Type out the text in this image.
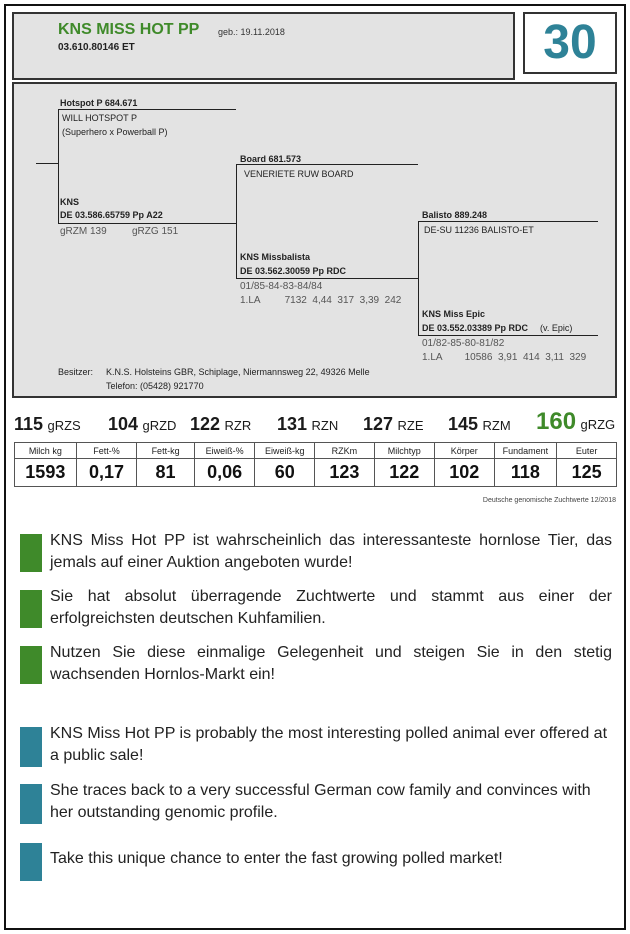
KNS MISS HOT PP geb.: 19.11.2018
03.610.80146 ET	30
Hotspot P 684.671
WILL HOTSPOT P
(Superhero x Powerball P)
KNS
DE 03.586.65759 Pp A22
gRZM 139	gRZG 151
Board 681.573
VENERIETE RUW BOARD
KNS Missbalista
DE 03.562.30059 Pp RDC
01/85-84-83-84/84
1.LA 7132  4,44  317  3,39  242
Balisto 889.248
DE-SU 11236 BALISTO-ET
KNS Miss Epic
DE 03.552.03389 Pp RDC (v. Epic)
01/82-85-80-81/82
1.LA 10586  3,91  414  3,11  329
Besitzer: K.N.S. Holsteins GBR, Schiplage, Niermannsweg 22, 49326 Melle
Telefon: (05428) 921770
115 gRZS 104 gRZD 122 RZR 131 RZN 127 RZE 145 RZM 160 gRZG
Milch kg	Fett-%	Fett-kg	Eiweiß-%	Eiweiß-kg	RZKm	Milchtyp	Körper	Fundament	Euter
1593	0,17	81	0,06	60	123	122	102	118	125
Deutsche genomische Zuchtwerte 12/2018
KNS Miss Hot PP ist wahrscheinlich das interessanteste hornlose Tier, das jemals auf einer Auktion angeboten wurde!
Sie hat absolut überragende Zuchtwerte und stammt aus einer der erfolgreichsten deutschen Kuhfamilien.
Nutzen Sie diese einmalige Gelegenheit und steigen Sie in den stetig wachsenden Hornlos-Markt ein!
KNS Miss Hot PP is probably the most interesting polled animal ever offered at a public sale!
She traces back to a very successful German cow family and convinces with her outstanding genomic profile.
Take this unique chance to enter the fast growing polled market!
